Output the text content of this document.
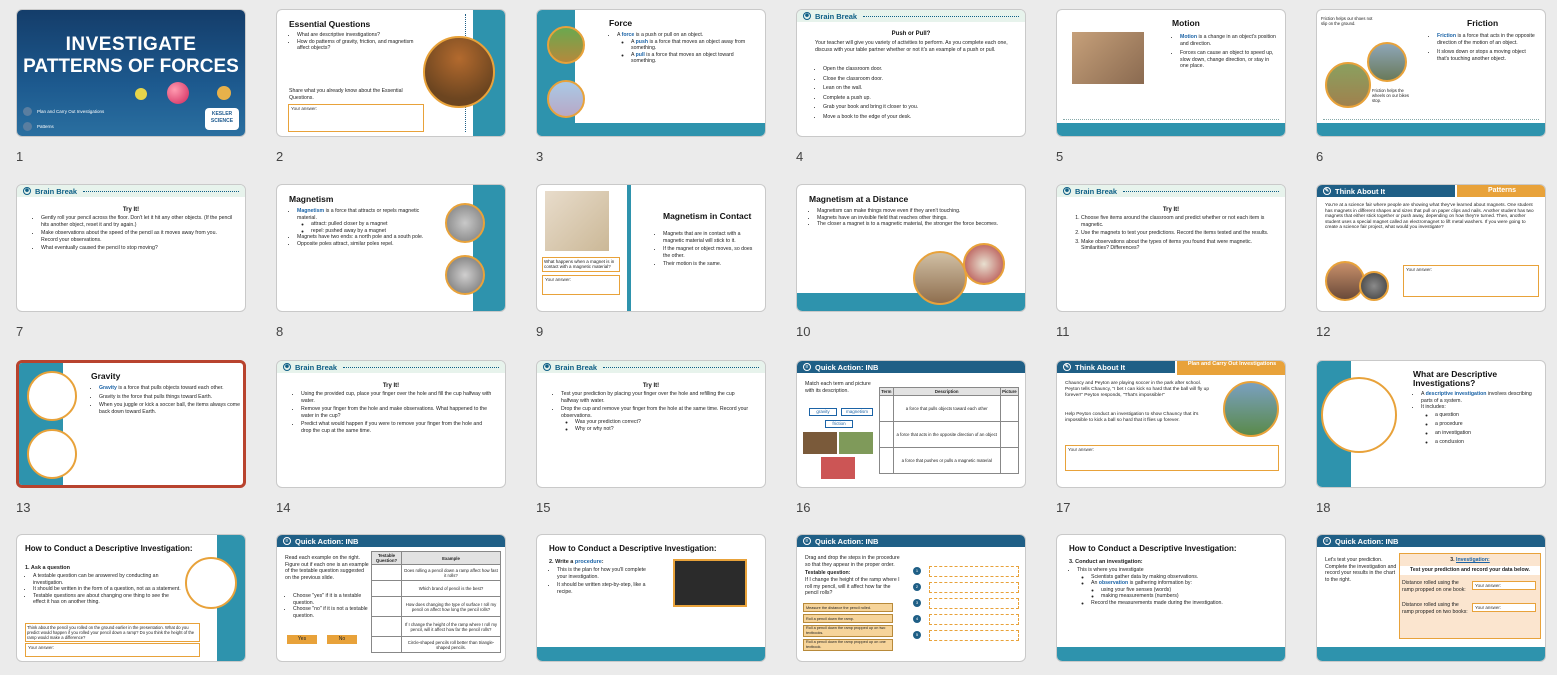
INVESTIGATE
PATTERNS OF FORCES
Plan and Carry Out Investigations
Patterns
KESLER
SCIENCE
1
Essential Questions
• What are descriptive investigations?
• How do patterns of gravity, friction, and magnetism affect objects?
Share what you already know about the Essential Questions.
Your answer:
2
Force
• A force is a push or pull on an object.
◦ A push is a force that moves an object away from something.
◦ A pull is a force that moves an object toward something.
3
✺ Brain Break
Push or Pull?
Your teacher will give you variety of activities to perform. As you complete each one, discuss with your table partner whether or not it's an example of a push or pull.
• Open the classroom door.
• Close the classroom door.
• Lean on the wall.
• Complete a push up.
• Grab your book and bring it closer to you.
• Move a book to the edge of your desk.
4
Motion
• Motion is a change in an object's position and direction.
• Forces can cause an object to speed up, slow down, change direction, or stay in one place.
5
Friction
Friction helps our shoes not slip on the ground.
Friction helps the wheels on our bikes stop.
• Friction is a force that acts in the opposite direction of the motion of an object.
• It slows down or stops a moving object that's touching another object.
6
✺ Brain Break
Try It!
• Gently roll your pencil across the floor. Don't let it hit any other objects. (If the pencil hits another object, reset it and try again.)
• Make observations about the speed of the pencil as it moves away from you. Record your observations.
• What eventually caused the pencil to stop moving?
7
Magnetism
• Magnetism is a force that attracts or repels magnetic material.
◦ attract: pulled closer by a magnet
◦ repel: pushed away by a magnet
• Magnets have two ends: a north pole and a south pole.
• Opposite poles attract, similar poles repel.
8
What happens when a magnet is in contact with a magnetic material?
Your answer:
Magnetism in Contact
• Magnets that are in contact with a magnetic material will stick to it.
• If the magnet or object moves, so does the other.
• Their motion is the same.
9
Magnetism at a Distance
• Magnetism can make things move even if they aren't touching.
• Magnets have an invisible field that reaches other things.
• The closer a magnet is to a magnetic material, the stronger the force becomes.
10
✺ Brain Break
Try It!
1. Choose five items around the classroom and predict whether or not each item is magnetic.
2. Use the magnets to test your predictions. Record the items tested and the results.
3. Make observations about the types of items you found that were magnetic. Similarities? Differences?
11
✎ Think About It	Patterns
You're at a science fair where people are showing what they've learned about magnets. One student has magnets in different shapes and sizes that pull on paper clips and nails. Another student has two magnets that either stick together or push away, depending on how they're turned. Then, another student uses a special magnet called an electromagnet to lift metal washers. If you were going to create a science fair project, what would you investigate?
Your answer:
12
Gravity
• Gravity is a force that pulls objects toward each other.
• Gravity is the force that pulls things toward Earth.
• When you juggle or kick a soccer ball, the items always come back down toward Earth.
13
✺ Brain Break
Try It!
• Using the provided cup, place your finger over the hole and fill the cup halfway with water.
• Remove your finger from the hole and make observations. What happened to the water in the cup?
• Predict what would happen if you were to remove your finger from the hole and drop the cup at the same time.
14
✺ Brain Break
Try It!
• Test your prediction by placing your finger over the hole and refilling the cup halfway with water.
• Drop the cup and remove your finger from the hole at the same time. Record your observations.
◦ Was your prediction correct?
◦ Why or why not?
15
≡ Quick Action: INB
Match each term and picture with its description.
gravity	magnetism
friction
Term	Description	Picture
	a force that pulls objects toward each other	
	a force that acts in the opposite direction of an object	
	a force that pushes or pulls a magnetic material	
16
✎ Think About It	Plan and Carry Out Investigations
Chauncy and Peyton are playing soccer in the park after school. Peyton tells Chauncy, "I bet I can kick so hard that the ball will fly up forever!" Peyton responds, "That's impossible!"
Help Peyton conduct an investigation to show Chauncy that it's impossible to kick a ball so hard that it flies up forever.
Your answer:
17
What are Descriptive Investigations?
• A descriptive investigation involves describing parts of a system.
• It includes:
◦ a question
◦ a procedure
◦ an investigation
◦ a conclusion
18
How to Conduct a Descriptive Investigation:
1. Ask a question
• A testable question can be answered by conducting an investigation.
• It should be written in the form of a question, not as a statement.
• Testable questions are about changing one thing to see the effect it has on another thing.
Think about the pencil you rolled on the ground earlier in the presentation. What do you predict would happen if you rolled your pencil down a ramp? Do you think the height of the ramp would make a difference?
Your answer:
≡ Quick Action: INB
Read each example on the right. Figure out if each one is an example of the testable question suggested on the previous slide.
• Choose "yes" if it is a testable question.
• Choose "no" if it is not a testable question.
Yes	No
Testable Question?	Example
	Does rolling a pencil down a ramp affect how fast it rolls?
	Which brand of pencil is the best?
	How does changing the type of surface I roll my pencil on affect how long the pencil rolls?
	If I change the height of the ramp where I roll my pencil, will it affect how far the pencil rolls?
	Circle-shaped pencils roll better than triangle-shaped pencils.
How to Conduct a Descriptive Investigation:
2. Write a procedure:
• This is the plan for how you'll complete your investigation.
• It should be written step-by-step, like a recipe.
≡ Quick Action: INB
Drag and drop the steps in the procedure so that they appear in the proper order.
Testable question:
If I change the height of the ramp where I roll my pencil, will it affect how far the pencil rolls?
Measure the distance the pencil rolled.
Roll a pencil down the ramp.
Roll a pencil down the ramp propped up on two textbooks.
Roll a pencil down the ramp propped up on one textbook.
1
2
3
4
5
How to Conduct a Descriptive Investigation:
3. Conduct an investigation:
• This is where you investigate
◦ Scientists gather data by making observations.
◦ An observation is gathering information by:
◦ using your five senses (words)
◦ making measurements (numbers)
◦ Record the measurements made during the investigation.
≡ Quick Action: INB
Let's test your prediction. Complete the investigation and record your results in the chart to the right.
3. Investigation:
Test your prediction and record your data below.
Distance rolled using the ramp propped on one book:
Your answer:
Distance rolled using the ramp propped on two books:
Your answer:
